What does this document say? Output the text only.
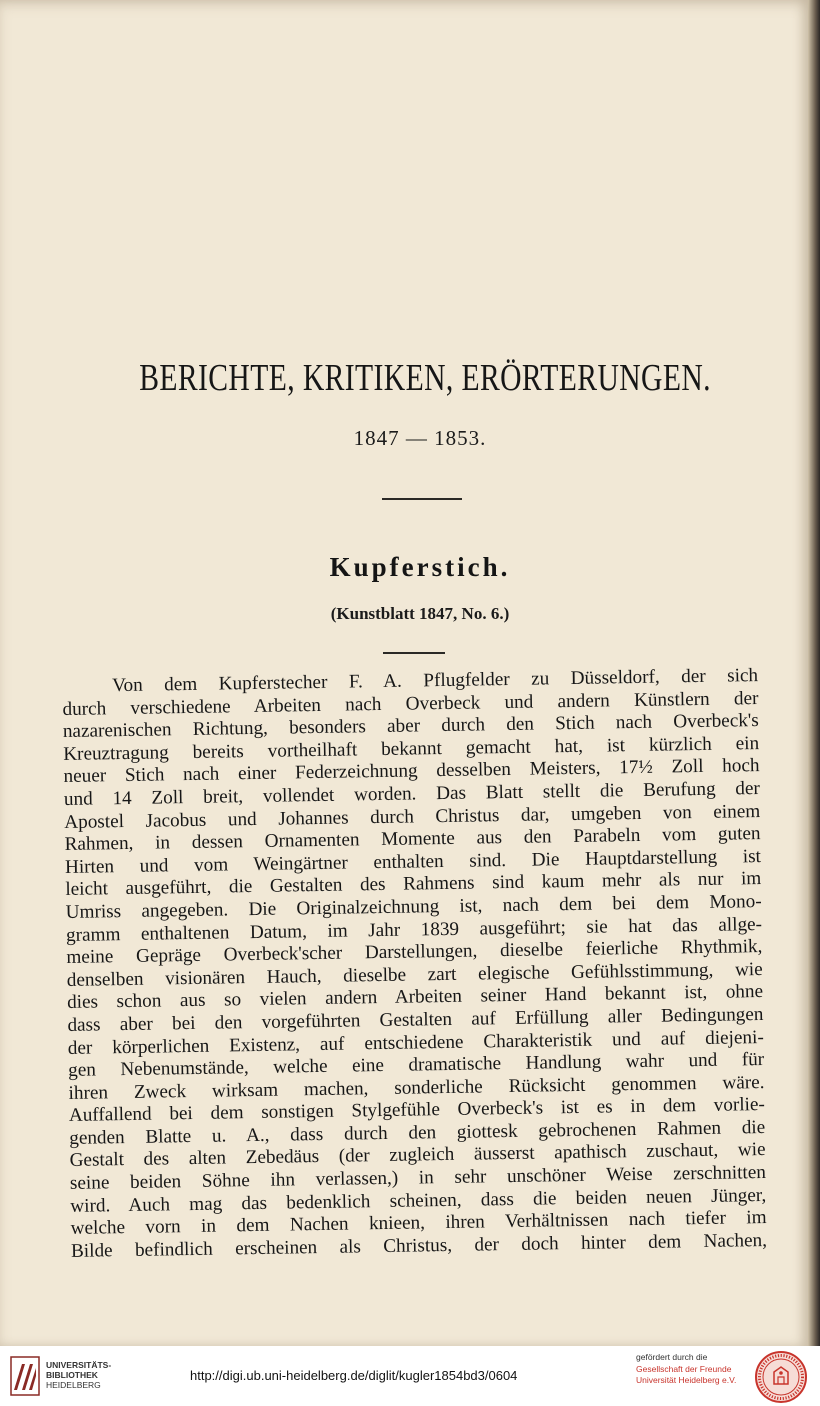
BERICHTE, KRITIKEN, ERÖRTERUNGEN.
1847 — 1853.
Kupferstich.
(Kunstblatt 1847, No. 6.)
Von dem Kupferstecher F. A. Pflugfelder zu Düsseldorf, der sich
durch verschiedene Arbeiten nach Overbeck und andern Künstlern der
nazarenischen Richtung, besonders aber durch den Stich nach Overbeck's
Kreuztragung bereits vortheilhaft bekannt gemacht hat, ist kürzlich ein
neuer Stich nach einer Federzeichnung desselben Meisters, 17½ Zoll hoch
und 14 Zoll breit, vollendet worden. Das Blatt stellt die Berufung der
Apostel Jacobus und Johannes durch Christus dar, umgeben von einem
Rahmen, in dessen Ornamenten Momente aus den Parabeln vom guten
Hirten und vom Weingärtner enthalten sind. Die Hauptdarstellung ist
leicht ausgeführt, die Gestalten des Rahmens sind kaum mehr als nur im
Umriss angegeben. Die Originalzeichnung ist, nach dem bei dem Mono-
gramm enthaltenen Datum, im Jahr 1839 ausgeführt; sie hat das allge-
meine Gepräge Overbeck'scher Darstellungen, dieselbe feierliche Rhythmik,
denselben visionären Hauch, dieselbe zart elegische Gefühlsstimmung, wie
dies schon aus so vielen andern Arbeiten seiner Hand bekannt ist, ohne
dass aber bei den vorgeführten Gestalten auf Erfüllung aller Bedingungen
der körperlichen Existenz, auf entschiedene Charakteristik und auf diejeni-
gen Nebenumstände, welche eine dramatische Handlung wahr und für
ihren Zweck wirksam machen, sonderliche Rücksicht genommen wäre.
Auffallend bei dem sonstigen Stylgefühle Overbeck's ist es in dem vorlie-
genden Blatte u. A., dass durch den giottesk gebrochenen Rahmen die
Gestalt des alten Zebedäus (der zugleich äusserst apathisch zuschaut, wie
seine beiden Söhne ihn verlassen,) in sehr unschöner Weise zerschnitten
wird. Auch mag das bedenklich scheinen, dass die beiden neuen Jünger,
welche vorn in dem Nachen knieen, ihren Verhältnissen nach tiefer im
Bilde befindlich erscheinen als Christus, der doch hinter dem Nachen,
UNIVERSITÄTS-
BIBLIOTHEK
HEIDELBERG
http://digi.ub.uni-heidelberg.de/diglit/kugler1854bd3/0604
gefördert durch die
Gesellschaft der Freunde
Universität Heidelberg e.V.
